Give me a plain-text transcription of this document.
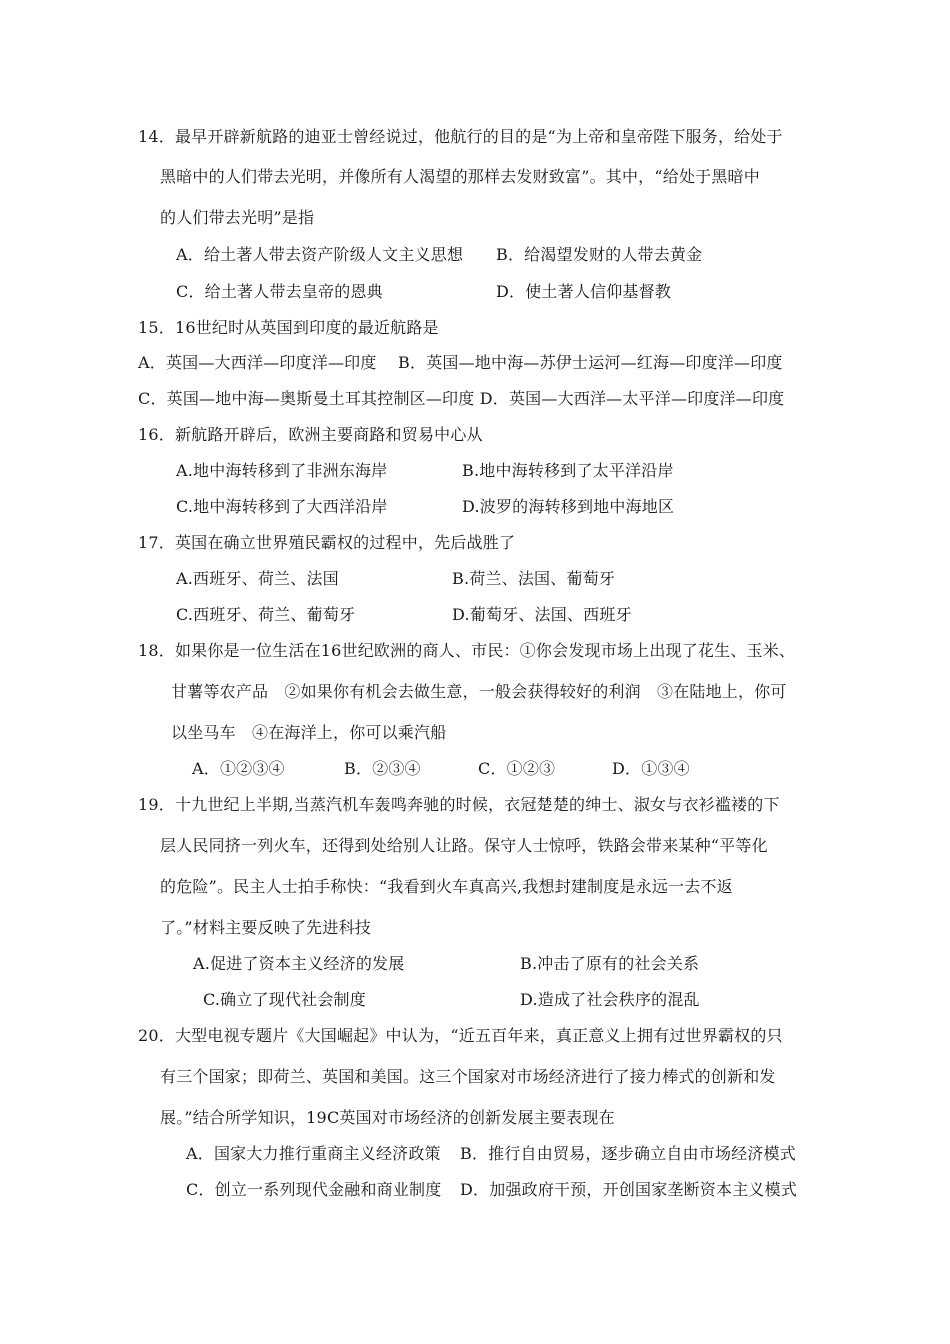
14．最早开辟新航路的迪亚士曾经说过，他航行的目的是“为上帝和皇帝陛下服务，给处于
黑暗中的人们带去光明，并像所有人渴望的那样去发财致富”。其中，“给处于黑暗中
的人们带去光明”是指
A．给土著人带去资产阶级人文主义思想 B．给渴望发财的人带去黄金
C．给土著人带去皇帝的恩典	D．使土著人信仰基督教
15．16世纪时从英国到印度的最近航路是
A．英国—大西洋—印度洋—印度　 B．英国—地中海—苏伊士运河—红海—印度洋—印度
C．英国—地中海—奥斯曼土耳其控制区—印度 D．英国—大西洋—太平洋—印度洋—印度
16．新航路开辟后，欧洲主要商路和贸易中心从
A.地中海转移到了非洲东海岸	B.地中海转移到了太平洋沿岸
C.地中海转移到了大西洋沿岸	D.波罗的海转移到地中海地区
17．英国在确立世界殖民霸权的过程中，先后战胜了
A.西班牙、荷兰、法国	B.荷兰、法国、葡萄牙
C.西班牙、荷兰、葡萄牙	D.葡萄牙、法国、西班牙
18．如果你是一位生活在16世纪欧洲的商人、市民：①你会发现市场上出现了花生、玉米、
甘薯等农产品　②如果你有机会去做生意，一般会获得较好的利润　③在陆地上，你可
以坐马车　④在海洋上，你可以乘汽船
A．①②③④	B．②③④	C．①②③	D．①③④
19．十九世纪上半期,当蒸汽机车轰鸣奔驰的时候，衣冠楚楚的绅士、淑女与衣衫褴褛的下
层人民同挤一列火车，还得到处给别人让路。保守人士惊呼，铁路会带来某种“平等化
的危险”。民主人士拍手称快：“我看到火车真高兴,我想封建制度是永远一去不返
了。”材料主要反映了先进科技
A.促进了资本主义经济的发展	B.冲击了原有的社会关系
C.确立了现代社会制度	D.造成了社会秩序的混乱
20．大型电视专题片《大国崛起》中认为，“近五百年来，真正意义上拥有过世界霸权的只
有三个国家；即荷兰、英国和美国。这三个国家对市场经济进行了接力棒式的创新和发
展。”结合所学知识，19C英国对市场经济的创新发展主要表现在
A．国家大力推行重商主义经济政策 B．推行自由贸易，逐步确立自由市场经济模式
C．创立一系列现代金融和商业制度 D．加强政府干预，开创国家垄断资本主义模式
